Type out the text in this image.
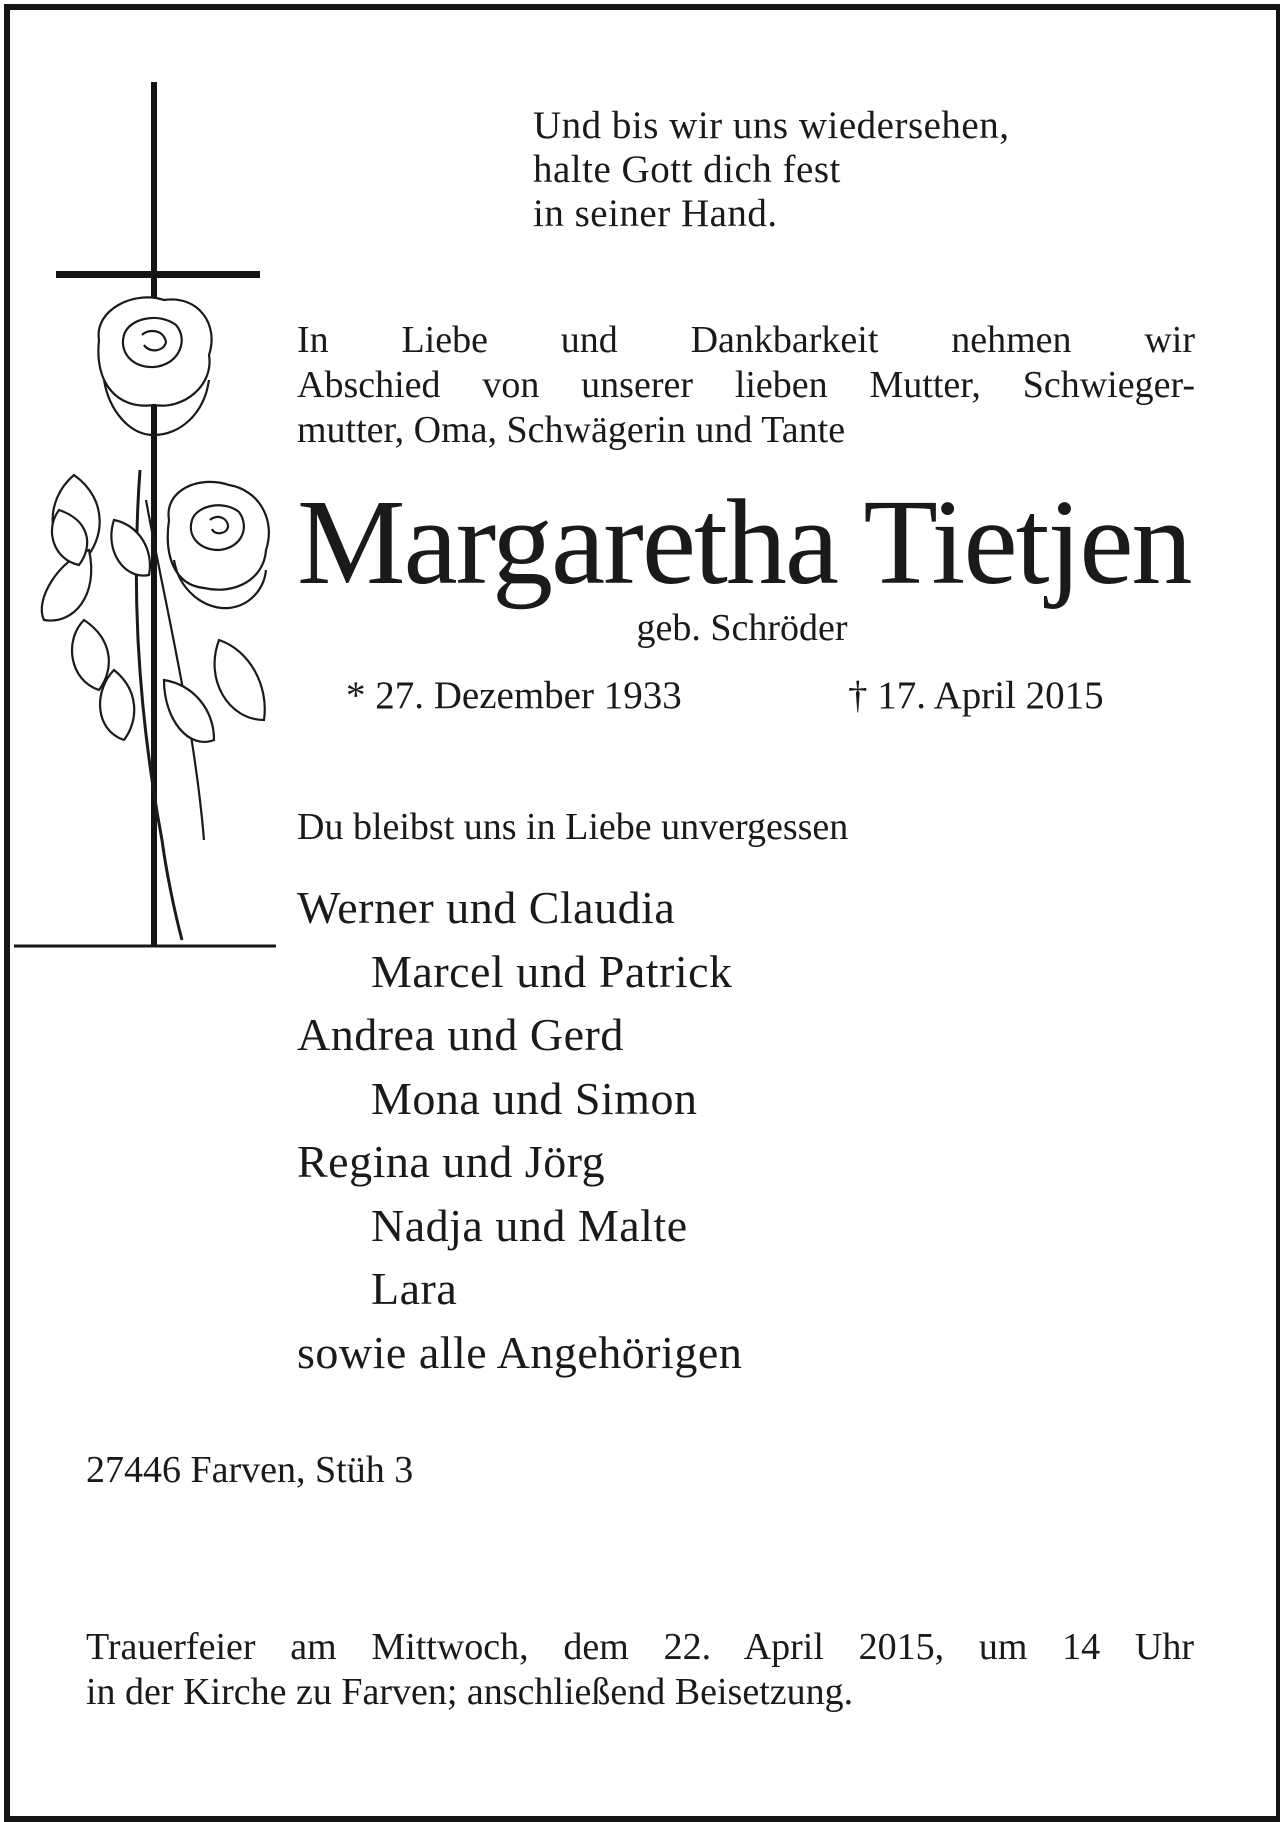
Und bis wir uns wiedersehen,
halte Gott dich fest
in seiner Hand.
In Liebe und Dankbarkeit nehmen wir
Abschied von unserer lieben Mutter, Schwieger-
mutter, Oma, Schwägerin und Tante
Margaretha Tietjen
geb. Schröder
* 27. Dezember 1933	† 17. April 2015
Du bleibst uns in Liebe unvergessen
Werner und Claudia
Marcel und Patrick
Andrea und Gerd
Mona und Simon
Regina und Jörg
Nadja und Malte
Lara
sowie alle Angehörigen
27446 Farven, Stüh 3
Trauerfeier am Mittwoch, dem 22. April 2015, um 14 Uhr
in der Kirche zu Farven; anschließend Beisetzung.
